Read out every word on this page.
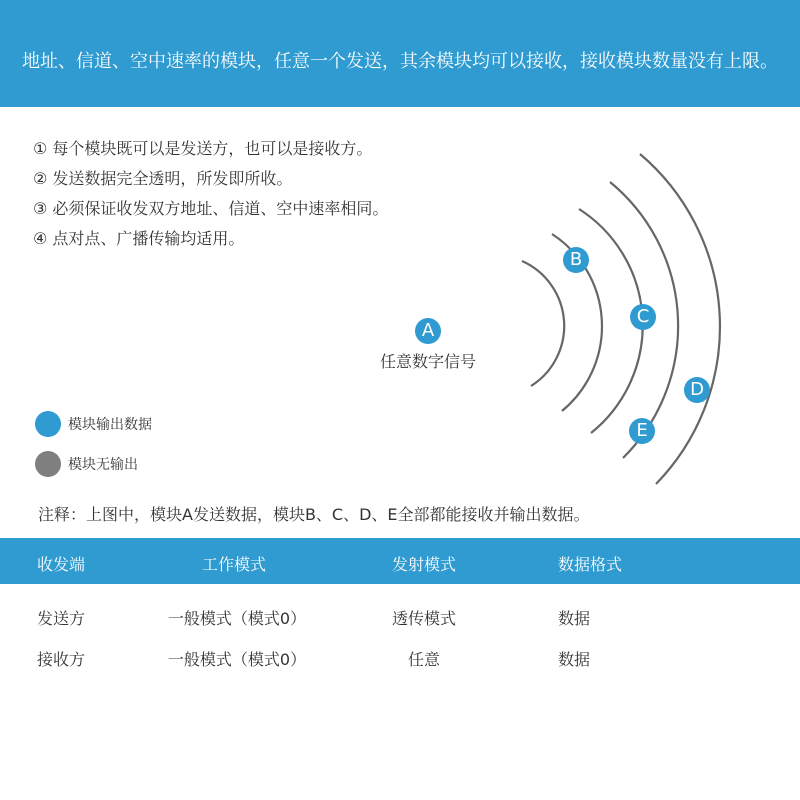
地址、信道、空中速率的模块，任意一个发送，其余模块均可以接收，接收模块数量没有上限。
① 每个模块既可以是发送方，也可以是接收方。
② 发送数据完全透明，所发即所收。
③ 必须保证收发双方地址、信道、空中速率相同。
④ 点对点、广播传输均适用。
A
任意数字信号
B
C
D
E
模块输出数据
模块无输出
注释：上图中，模块A发送数据，模块B、C、D、E全部都能接收并输出数据。
收发端	工作模式	发射模式	数据格式
发送方	一般模式（模式0）	透传模式	数据
接收方	一般模式（模式0）	任意	数据
